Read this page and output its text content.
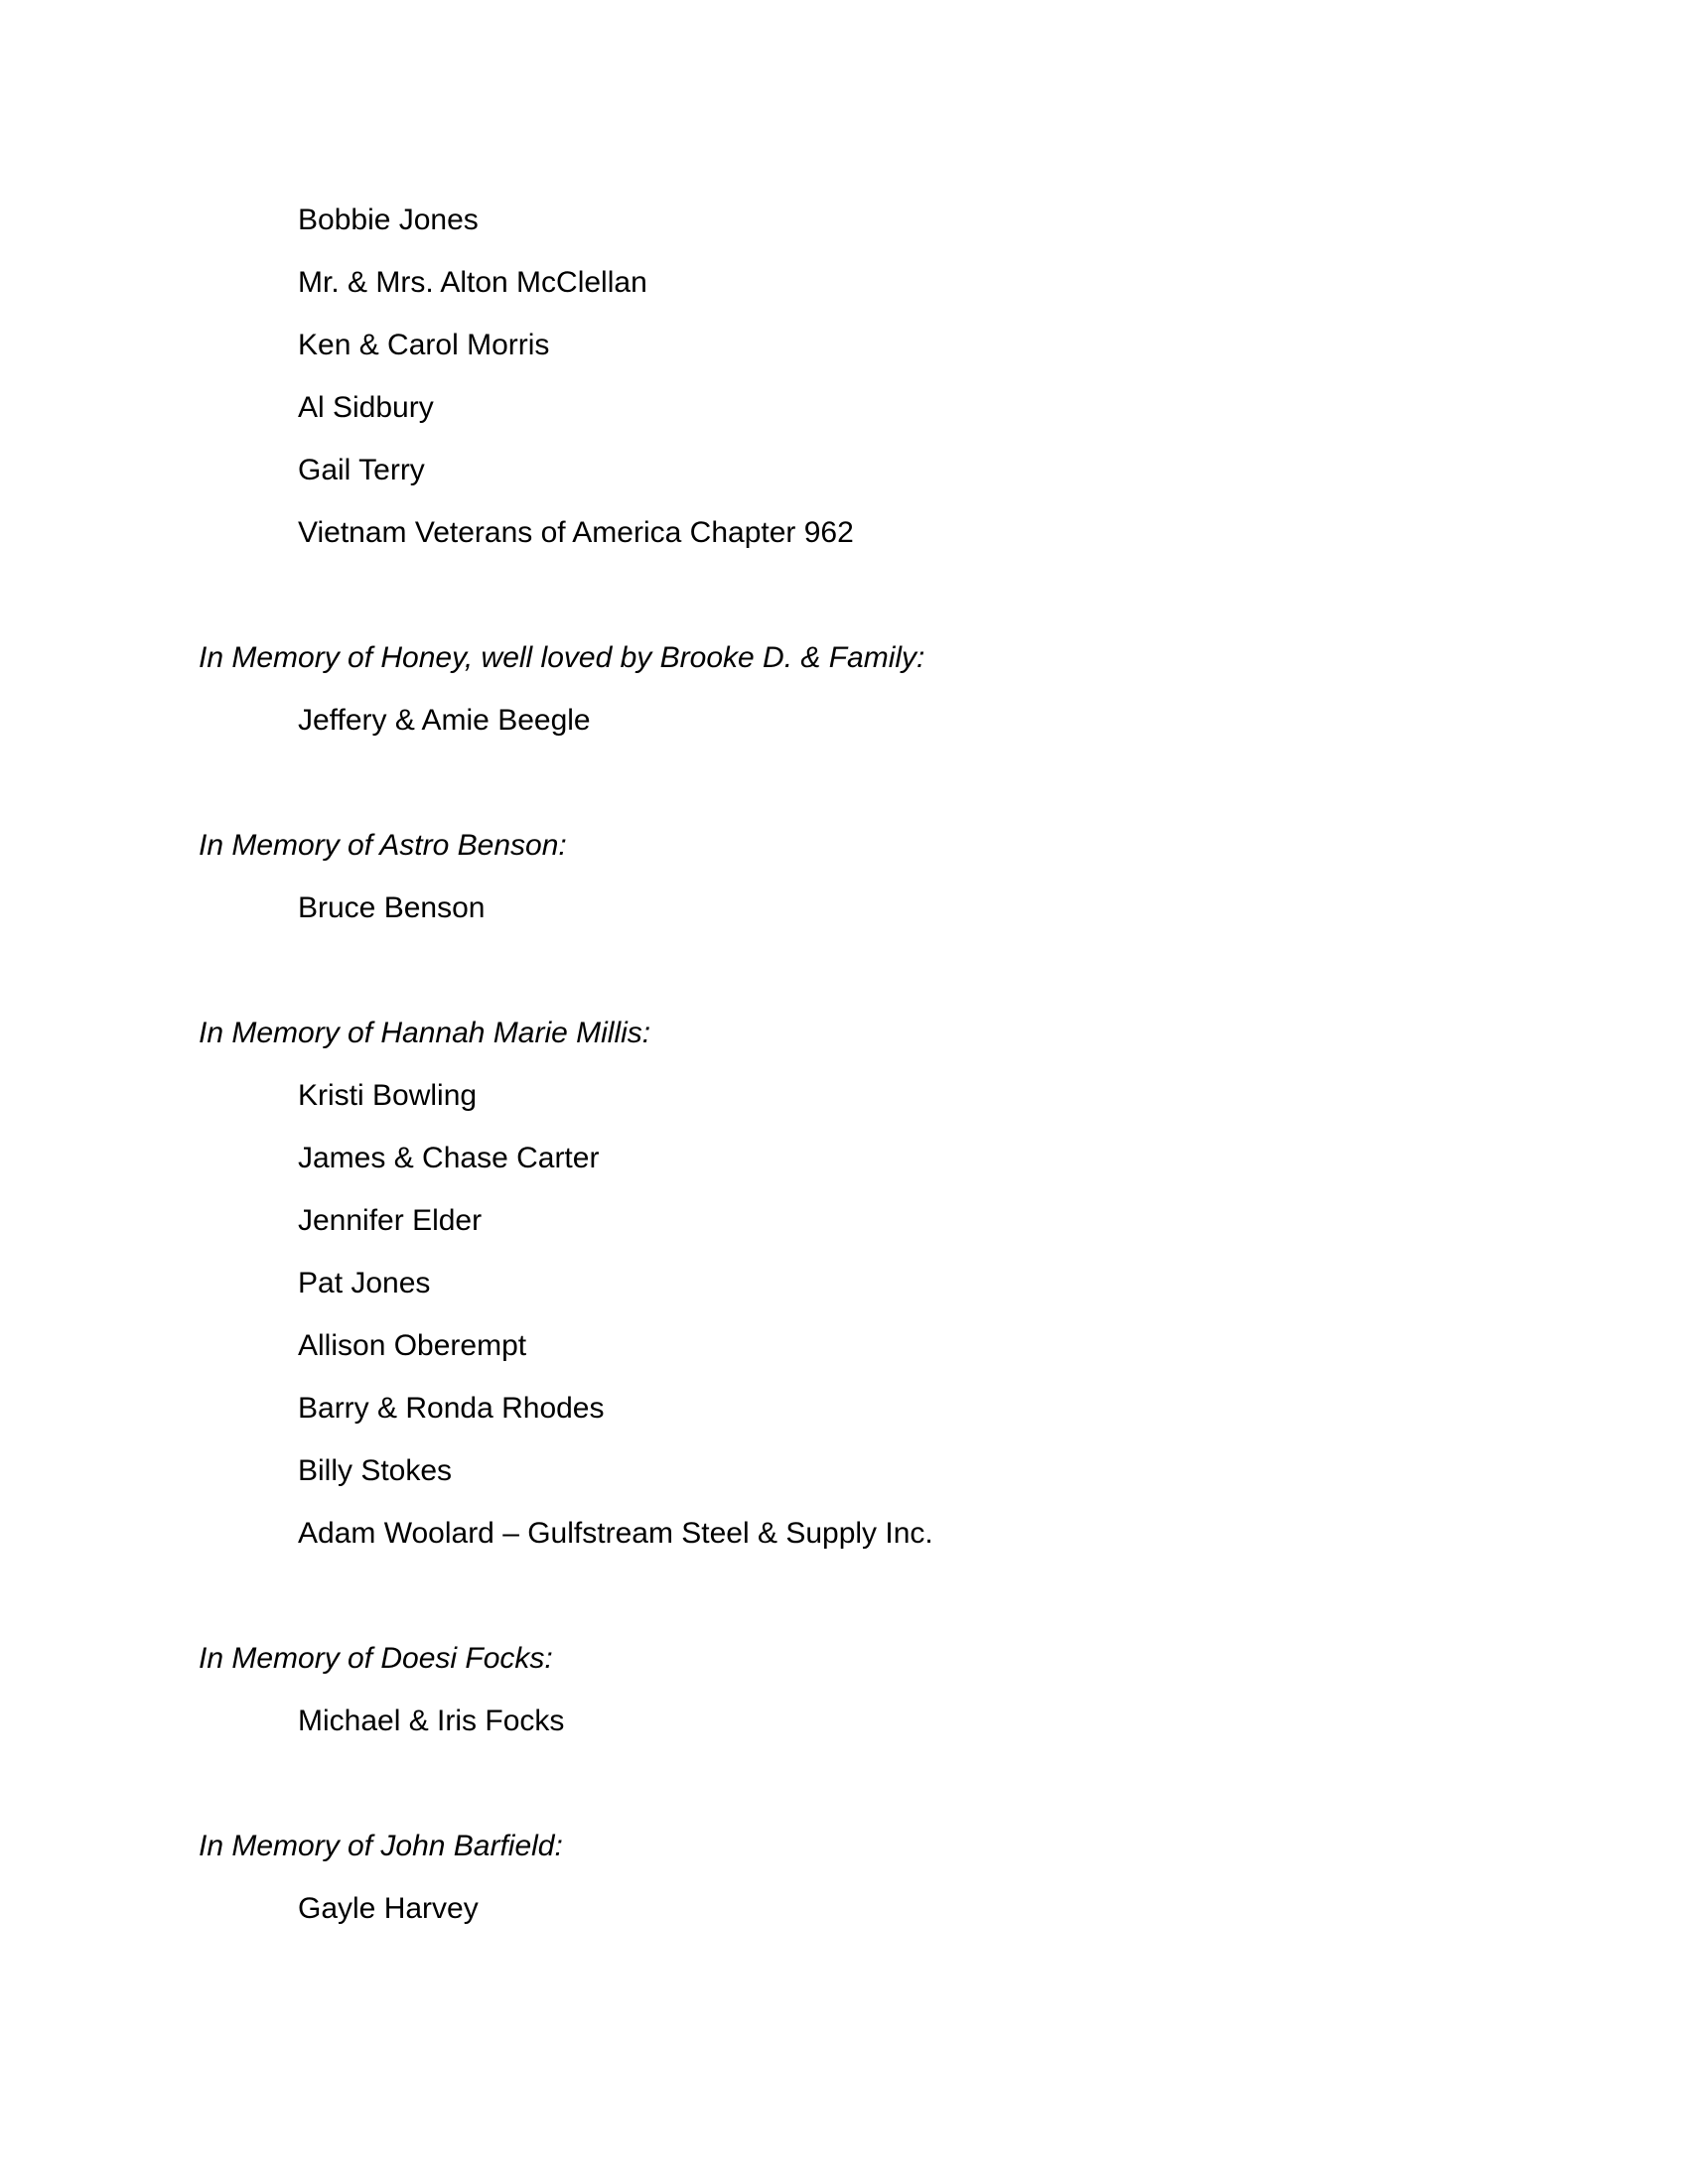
Bobbie Jones
Mr. & Mrs. Alton McClellan
Ken & Carol Morris
Al Sidbury
Gail Terry
Vietnam Veterans of America Chapter 962
In Memory of Honey, well loved by Brooke D. & Family:
Jeffery & Amie Beegle
In Memory of Astro Benson:
Bruce Benson
In Memory of Hannah Marie Millis:
Kristi Bowling
James & Chase Carter
Jennifer Elder
Pat Jones
Allison Oberempt
Barry & Ronda Rhodes
Billy Stokes
Adam Woolard – Gulfstream Steel & Supply Inc.
In Memory of Doesi Focks:
Michael & Iris Focks
In Memory of John Barfield:
Gayle Harvey
